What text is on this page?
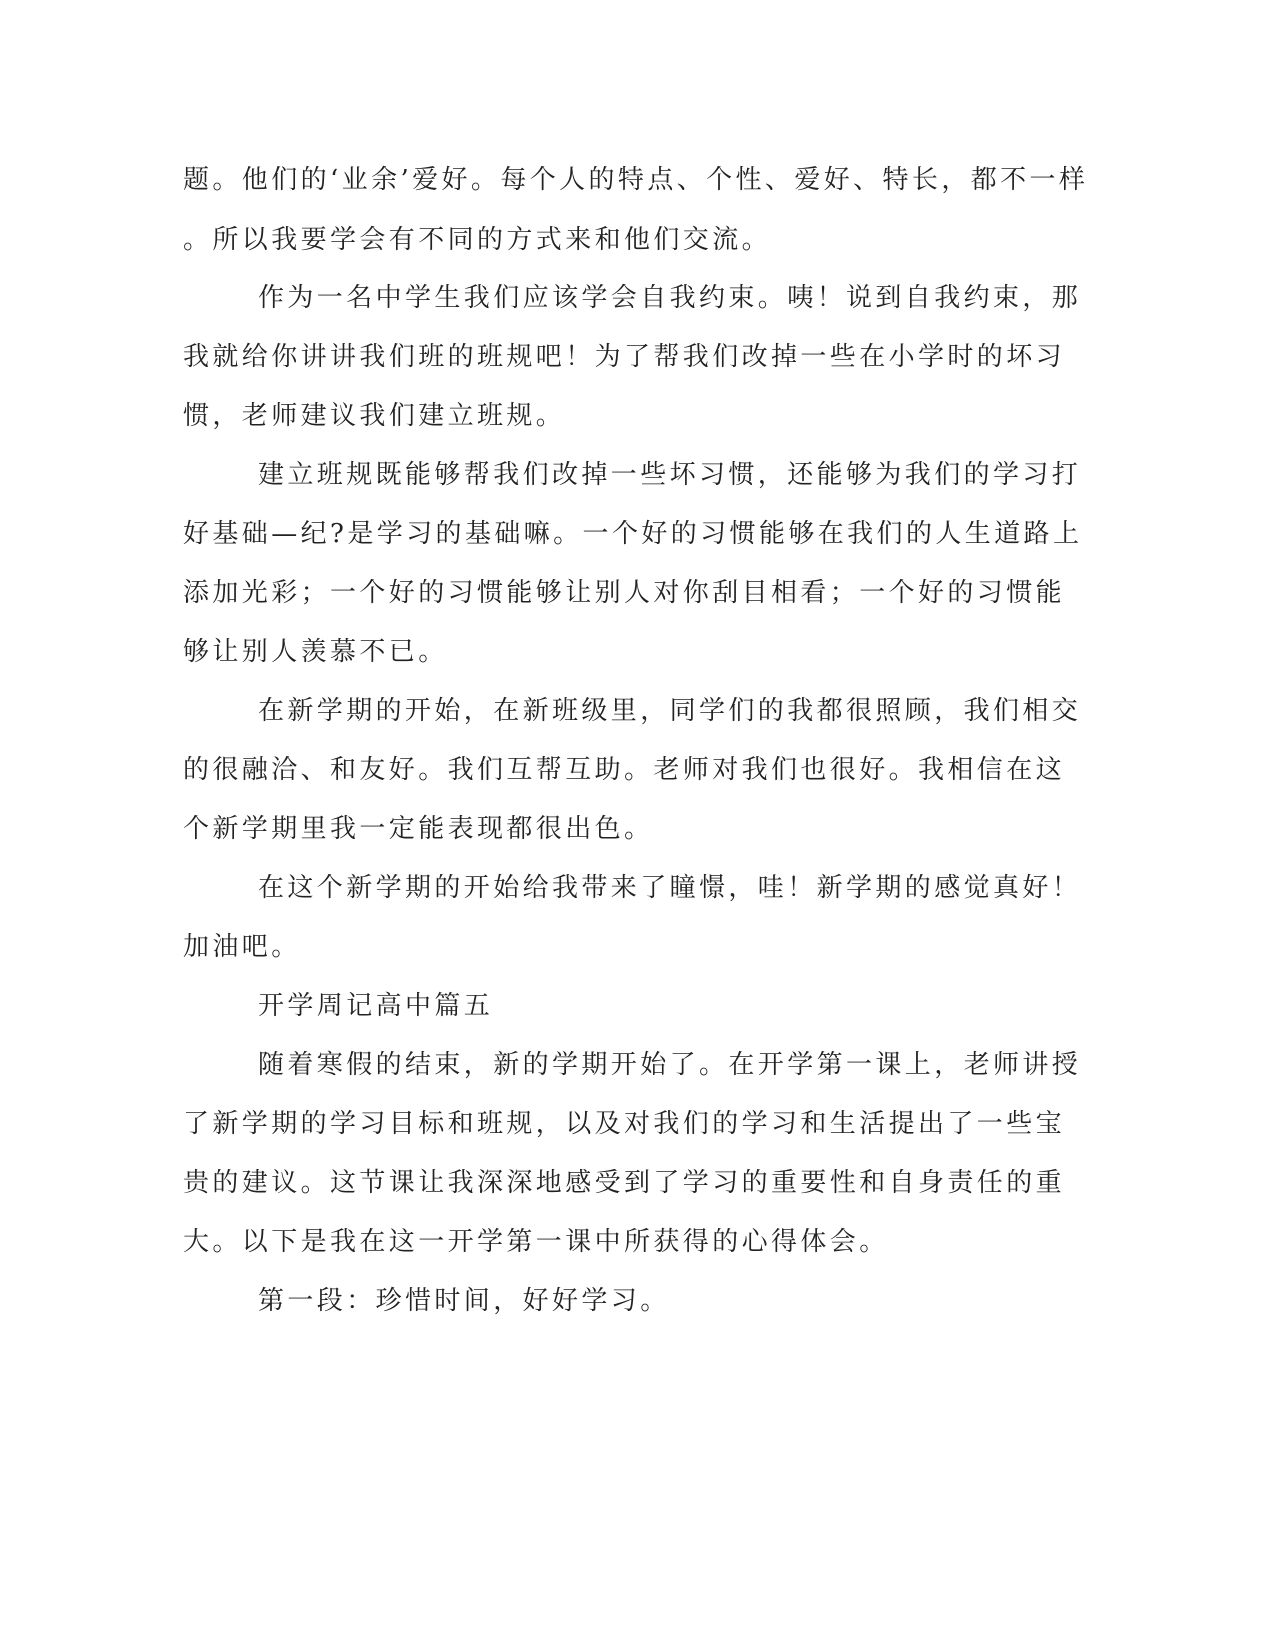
题。他们的‘业余’爱好。每个人的特点、个性、爱好、特长，都不一样
。所以我要学会有不同的方式来和他们交流。
作为一名中学生我们应该学会自我约束。咦！说到自我约束，那
我就给你讲讲我们班的班规吧！为了帮我们改掉一些在小学时的坏习
惯，老师建议我们建立班规。
建立班规既能够帮我们改掉一些坏习惯，还能够为我们的学习打
好基础—纪?是学习的基础嘛。一个好的习惯能够在我们的人生道路上
添加光彩；一个好的习惯能够让别人对你刮目相看；一个好的习惯能
够让别人羡慕不已。
在新学期的开始，在新班级里，同学们的我都很照顾，我们相交
的很融洽、和友好。我们互帮互助。老师对我们也很好。我相信在这
个新学期里我一定能表现都很出色。
在这个新学期的开始给我带来了瞳憬，哇！新学期的感觉真好！
加油吧。
开学周记高中篇五
随着寒假的结束，新的学期开始了。在开学第一课上，老师讲授
了新学期的学习目标和班规，以及对我们的学习和生活提出了一些宝
贵的建议。这节课让我深深地感受到了学习的重要性和自身责任的重
大。以下是我在这一开学第一课中所获得的心得体会。
第一段：珍惜时间，好好学习。
